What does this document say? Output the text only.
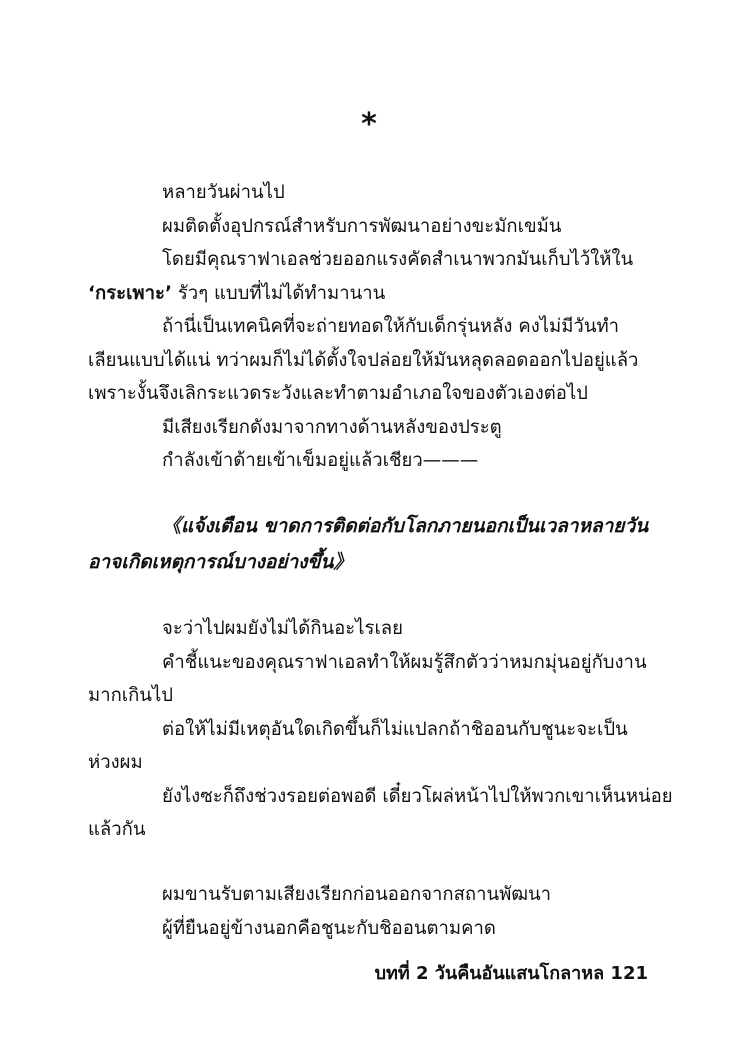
*
หลายวันผ่านไป
ผมติดตั้งอุปกรณ์สำหรับการพัฒนาอย่างขะมักเขม้น
โดยมีคุณราฟาเอลช่วยออกแรงคัดสำเนาพวกมันเก็บไว้ให้ใน
‘กระเพาะ’ รัวๆ แบบที่ไม่ได้ทำมานาน
ถ้านี่เป็นเทคนิคที่จะถ่ายทอดให้กับเด็กรุ่นหลัง คงไม่มีวันทำ
เลียนแบบได้แน่ ทว่าผมก็ไม่ได้ตั้งใจปล่อยให้มันหลุดลอดออกไปอยู่แล้ว
เพราะงั้นจึงเลิกระแวดระวังและทำตามอำเภอใจของตัวเองต่อไป
มีเสียงเรียกดังมาจากทางด้านหลังของประตู
กำลังเข้าด้ายเข้าเข็มอยู่แล้วเชียว———
《แจ้งเตือน ขาดการติดต่อกับโลกภายนอกเป็นเวลาหลายวัน
อาจเกิดเหตุการณ์บางอย่างขึ้น》
จะว่าไปผมยังไม่ได้กินอะไรเลย
คำชี้แนะของคุณราฟาเอลทำให้ผมรู้สึกตัวว่าหมกมุ่นอยู่กับงาน
มากเกินไป
ต่อให้ไม่มีเหตุอันใดเกิดขึ้นก็ไม่แปลกถ้าชิออนกับชูนะจะเป็น
ห่วงผม
ยังไงซะก็ถึงช่วงรอยต่อพอดี เดี๋ยวโผล่หน้าไปให้พวกเขาเห็นหน่อย
แล้วกัน
ผมขานรับตามเสียงเรียกก่อนออกจากสถานพัฒนา
ผู้ที่ยืนอยู่ข้างนอกคือชูนะกับชิออนตามคาด
บทที่ 2 วันคืนอันแสนโกลาหล 121
